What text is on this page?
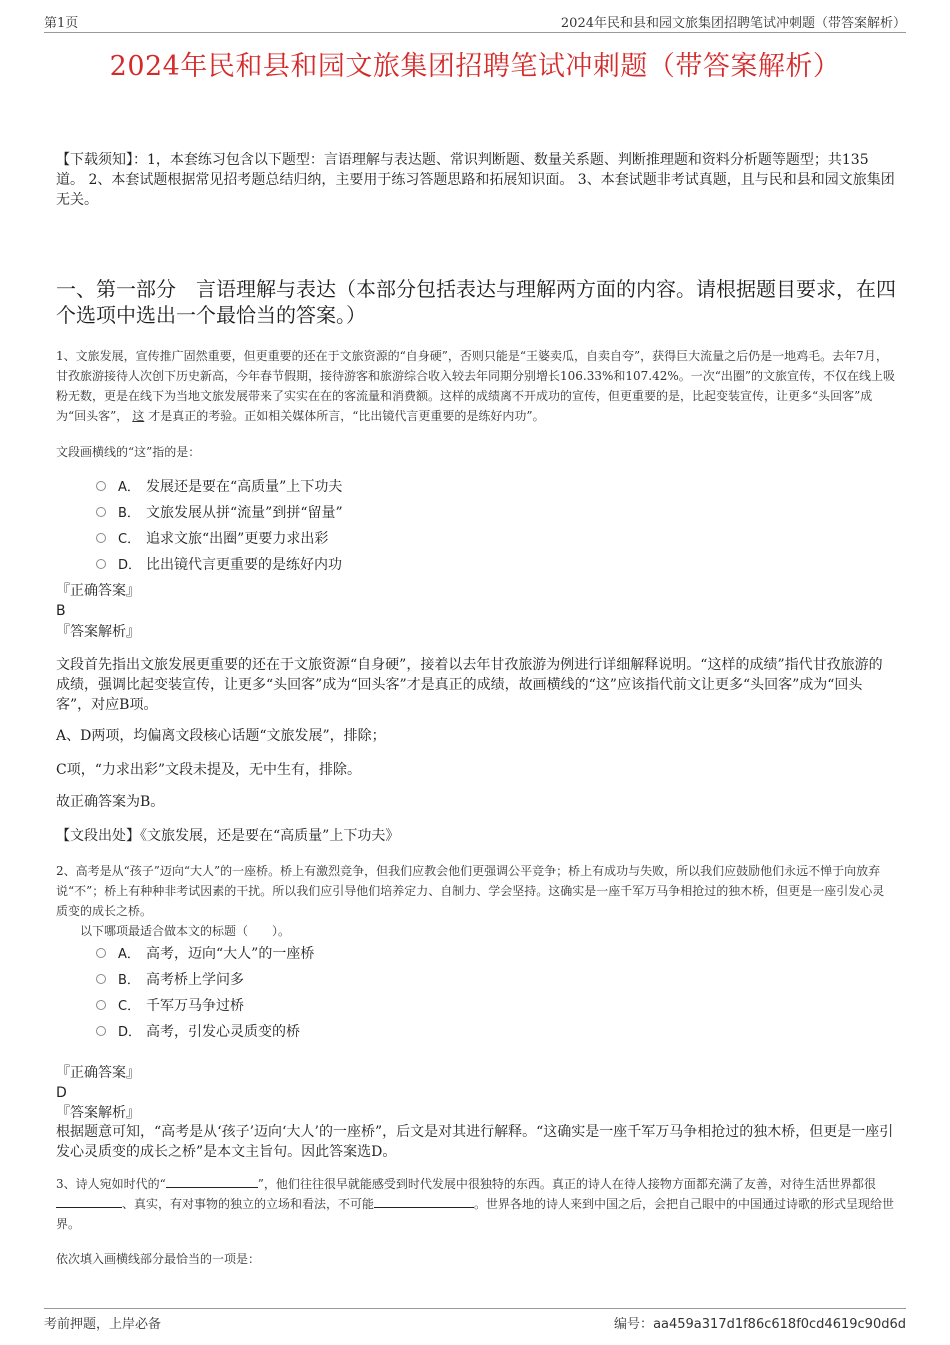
第1页	2024年民和县和园文旅集团招聘笔试冲刺题（带答案解析）
2024年民和县和园文旅集团招聘笔试冲刺题（带答案解析）
【下载须知】：1，本套练习包含以下题型：言语理解与表达题、常识判断题、数量关系题、判断推理题和资料分析题等题型；共135道。 2、本套试题根据常见招考题总结归纳，主要用于练习答题思路和拓展知识面。 3、本套试题非考试真题，且与民和县和园文旅集团无关。
一、第一部分　言语理解与表达（本部分包括表达与理解两方面的内容。请根据题目要求，在四个选项中选出一个最恰当的答案。）
1、文旅发展，宣传推广固然重要，但更重要的还在于文旅资源的“自身硬”，否则只能是“王婆卖瓜，自卖自夸”，获得巨大流量之后仍是一地鸡毛。去年7月，甘孜旅游接待人次创下历史新高，今年春节假期，接待游客和旅游综合收入较去年同期分别增长106.33%和107.42%。一次“出圈”的文旅宣传，不仅在线上吸粉无数，更是在线下为当地文旅发展带来了实实在在的客流量和消费额。这样的成绩离不开成功的宣传，但更重要的是，比起变装宣传，让更多“头回客”成为“回头客”， 这 才是真正的考验。正如相关媒体所言，“比出镜代言更重要的是练好内功”。
文段画横线的“这”指的是：
A． 发展还是要在“高质量”上下功夫
B． 文旅发展从拼“流量”到拼“留量”
C． 追求文旅“出圈”更要力求出彩
D． 比出镜代言更重要的是练好内功
『正确答案』
B
『答案解析』
文段首先指出文旅发展更重要的还在于文旅资源“自身硬”，接着以去年甘孜旅游为例进行详细解释说明。“这样的成绩”指代甘孜旅游的成绩，强调比起变装宣传，让更多“头回客”成为“回头客”才是真正的成绩，故画横线的“这”应该指代前文让更多“头回客”成为“回头客”，对应B项。
A、D两项，均偏离文段核心话题“文旅发展”，排除；
C项，“力求出彩”文段未提及，无中生有，排除。
故正确答案为B。
【文段出处】《文旅发展，还是要在“高质量”上下功夫》
2、高考是从“孩子”迈向“大人”的一座桥。桥上有激烈竞争，但我们应教会他们更强调公平竞争；桥上有成功与失败，所以我们应鼓励他们永远不惮于向放弃说“不”；桥上有种种非考试因素的干扰。所以我们应引导他们培养定力、自制力、学会坚持。这确实是一座千军万马争相抢过的独木桥，但更是一座引发心灵质变的成长之桥。
以下哪项最适合做本文的标题（　　）。
A． 高考，迈向“大人”的一座桥
B． 高考桥上学问多
C． 千军万马争过桥
D． 高考，引发心灵质变的桥
『正确答案』
D
『答案解析』
根据题意可知，“高考是从‘孩子’迈向‘大人’的一座桥”，后文是对其进行解释。“这确实是一座千军万马争相抢过的独木桥，但更是一座引发心灵质变的成长之桥”是本文主旨句。因此答案选D。
3、诗人宛如时代的“	”，他们往往很早就能感受到时代发展中很独特的东西。真正的诗人在待人接物方面都充满了友善，对待生活世界都很、真实，有对事物的独立的立场和看法，不可能	。世界各地的诗人来到中国之后，会把自己眼中的中国通过诗歌的形式呈现给世界。
依次填入画横线部分最恰当的一项是：
考前押题，上岸必备	编号：aa459a317d1f86c618f0cd4619c90d6d
